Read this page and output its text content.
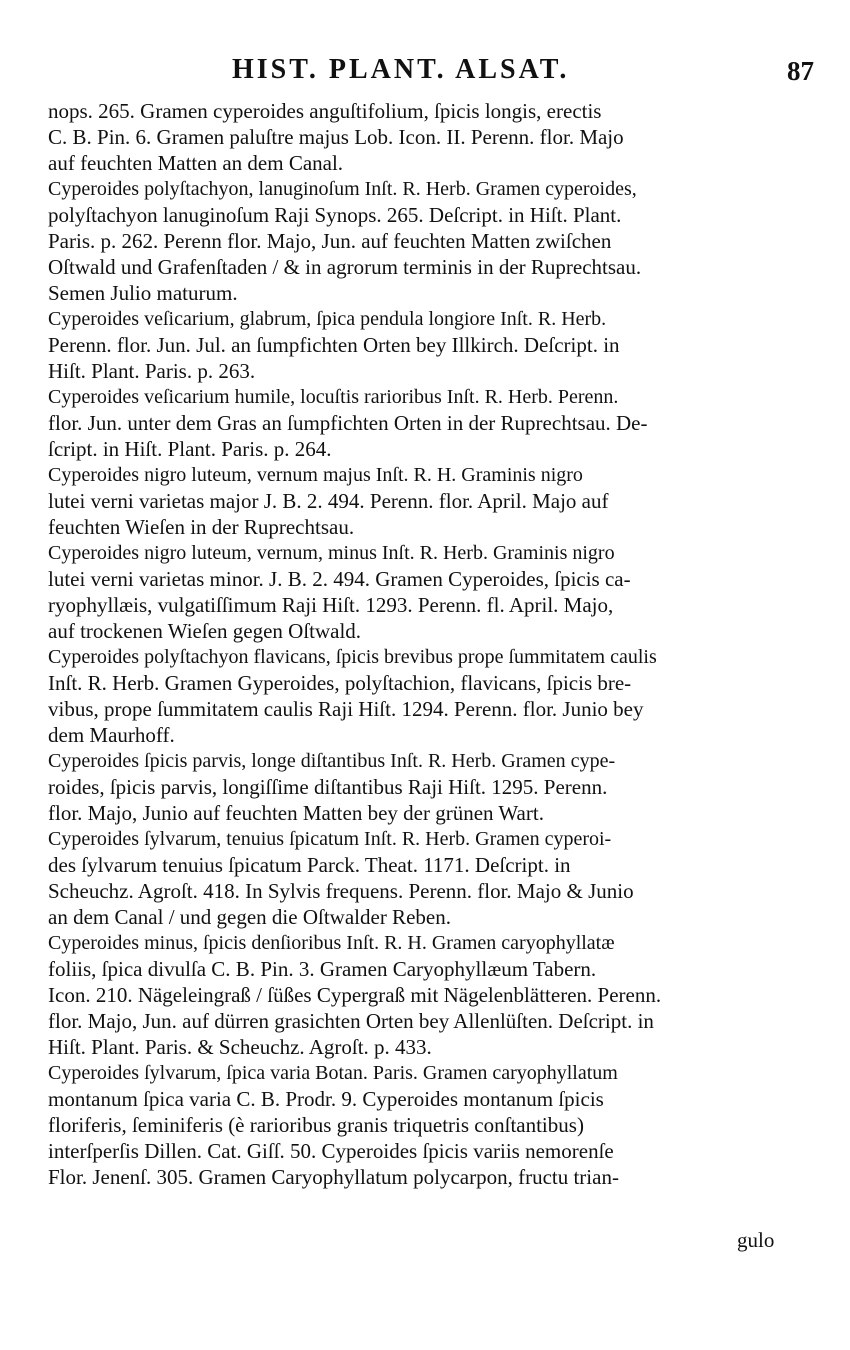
HIST. PLANT. ALSAT.	87
nops. 265. Gramen cyperoides anguſtifolium, ſpicis longis, erectis
C. B. Pin. 6. Gramen paluſtre majus Lob. Icon. II. Perenn. flor. Majo
auf feuchten Matten an dem Canal.
Cyperoides polyſtachyon, lanuginoſum Inſt. R. Herb. Gramen cyperoides,
polyſtachyon lanuginoſum Raji Synops. 265. Deſcript. in Hiſt. Plant.
Paris. p. 262. Perenn flor. Majo, Jun. auf feuchten Matten zwiſchen
Oſtwald und Grafenſtaden / & in agrorum terminis in der Ruprechtsau.
Semen Julio maturum.
Cyperoides veſicarium, glabrum, ſpica pendula longiore Inſt. R. Herb.
Perenn. flor. Jun. Jul. an ſumpfichten Orten bey Illkirch. Deſcript. in
Hiſt. Plant. Paris. p. 263.
Cyperoides veſicarium humile, locuſtis rarioribus Inſt. R. Herb. Perenn.
flor. Jun. unter dem Gras an ſumpfichten Orten in der Ruprechtsau. De-
ſcript. in Hiſt. Plant. Paris. p. 264.
Cyperoides nigro luteum, vernum majus Inſt. R. H. Graminis nigro
lutei verni varietas major J. B. 2. 494. Perenn. flor. April. Majo auf
feuchten Wieſen in der Ruprechtsau.
Cyperoides nigro luteum, vernum, minus Inſt. R. Herb. Graminis nigro
lutei verni varietas minor. J. B. 2. 494. Gramen Cyperoides, ſpicis ca-
ryophyllæis, vulgatiſſimum Raji Hiſt. 1293. Perenn. fl. April. Majo,
auf trockenen Wieſen gegen Oſtwald.
Cyperoides polyſtachyon flavicans, ſpicis brevibus prope ſummitatem caulis
Inſt. R. Herb. Gramen Gyperoides, polyſtachion, flavicans, ſpicis bre-
vibus, prope ſummitatem caulis Raji Hiſt. 1294. Perenn. flor. Junio bey
dem Maurhoff.
Cyperoides ſpicis parvis, longe diſtantibus Inſt. R. Herb. Gramen cype-
roides, ſpicis parvis, longiſſime diſtantibus Raji Hiſt. 1295. Perenn.
flor. Majo, Junio auf feuchten Matten bey der grünen Wart.
Cyperoides ſylvarum, tenuius ſpicatum Inſt. R. Herb. Gramen cyperoi-
des ſylvarum tenuius ſpicatum Parck. Theat. 1171. Deſcript. in
Scheuchz. Agroſt. 418. In Sylvis frequens. Perenn. flor. Majo & Junio
an dem Canal / und gegen die Oſtwalder Reben.
Cyperoides minus, ſpicis denſioribus Inſt. R. H. Gramen caryophyllatæ
foliis, ſpica divulſa C. B. Pin. 3. Gramen Caryophyllæum Tabern.
Icon. 210. Nägeleingraß / ſüßes Cypergraß mit Nägelenblätteren. Perenn.
flor. Majo, Jun. auf dürren grasichten Orten bey Allenlüſten. Deſcript. in
Hiſt. Plant. Paris. & Scheuchz. Agroſt. p. 433.
Cyperoides ſylvarum, ſpica varia Botan. Paris. Gramen caryophyllatum
montanum ſpica varia C. B. Prodr. 9. Cyperoides montanum ſpicis
floriferis, ſeminiferis (è rarioribus granis triquetris conſtantibus)
interſperſis Dillen. Cat. Giſſ. 50. Cyperoides ſpicis variis nemorenſe
Flor. Jenenſ. 305. Gramen Caryophyllatum polycarpon, fructu trian-
gulo
